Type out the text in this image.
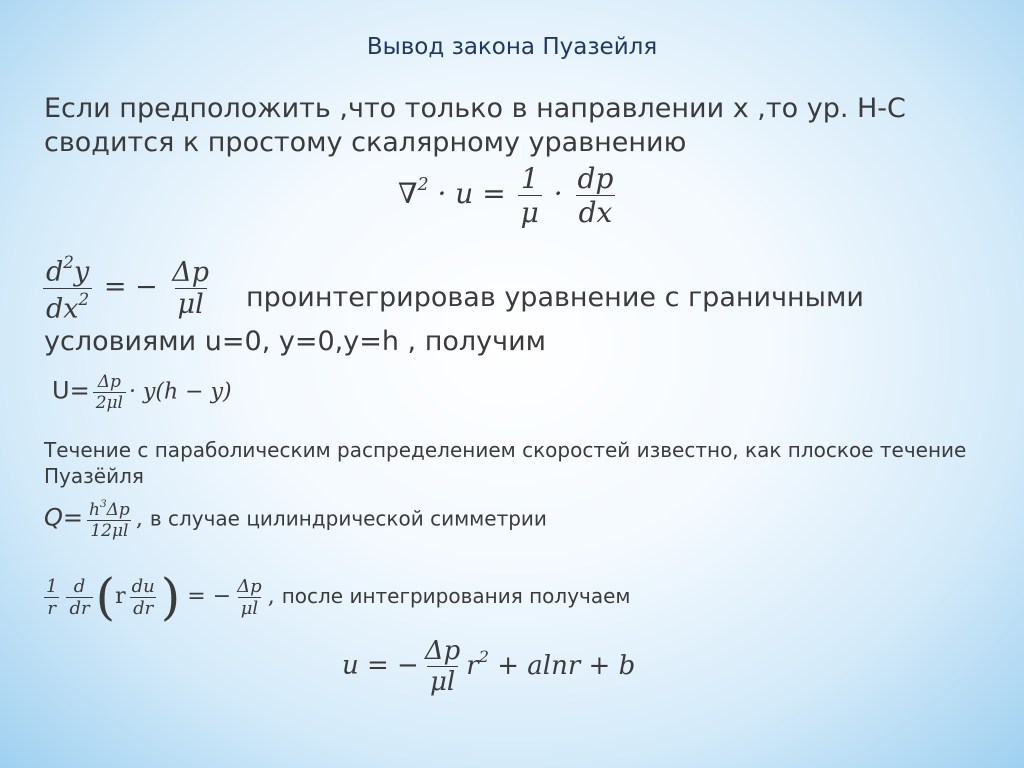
Вывод закона Пуазейля
Если предположить ,что только в направлении x ,то ур. Н-С сводится к простому скалярному уравнению
$\nabla^2 \cdot u = \frac{1}{\mu} \cdot \frac{dp}{dx}$
$\frac{d^2y}{dx^2}$ = − $\frac{\Delta p}{\mu l}$ проинтегрировав уравнение с граничными
условиями u=0, y=0,y=h , получим
$U= \frac{\Delta p}{2\mu l} \cdot y(h - y)$
Течение с параболическим распределением скоростей известно, как плоское течение Пуазёйля
$Q= \frac{h^3\Delta p}{12\mu l}$ , в случае цилиндрической симметрии
$\frac{1}{r} \frac{d}{dr} (r \frac{du}{dr}$ ) = − $\frac{\Delta p}{\mu l}$ , после интегрирования получаем
u = − $\frac{\Delta p}{\mu l} r^2 + alnr + b$
